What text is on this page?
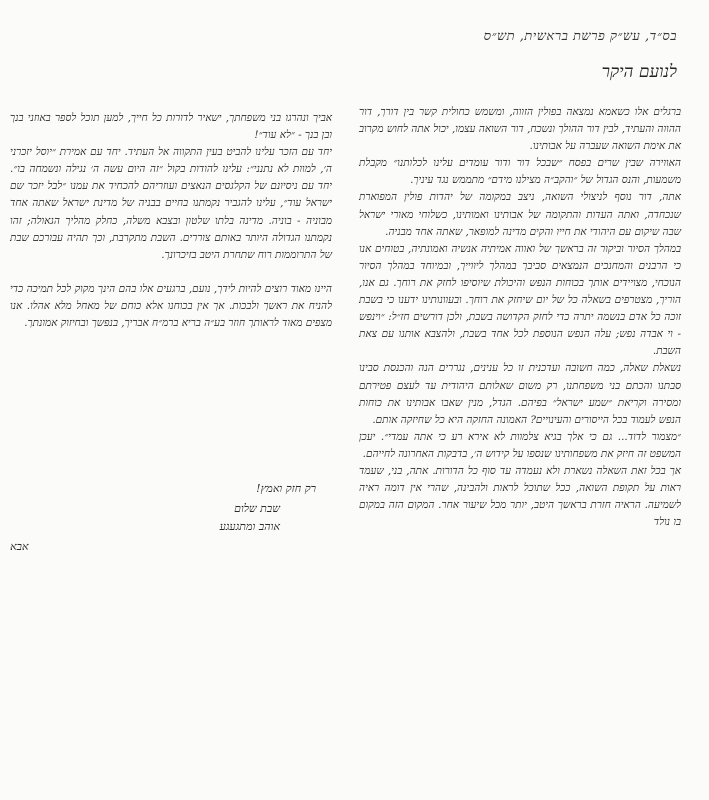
בס״ד, עש״ק פרשת בראשית, תש״ס
לנועם היקר

ברגלים אלו כשאמא נמצאה בפולין הזווה, ומשמש כחולית קשר בין דורך, דור ההווה והעתיד, לבין דור ההולך ונשכח, דור השואה עצמו, יכול אתה לחוש מקרוב את אימת השואה שעברה על אבותינו.

האווירה שבין שרים בפסח ״שבכל דור ודור עומדים עלינו לכלותנו״ מקבלת משמעות, והנס הגדול של ״והקב״ה מצילנו מידם״ מתממש נגד עיניך.

אתה, דור נוסף לניצולי השואה, ניצב במקומה של יהדות פולין המפוארת שנכחדה, ואתה העדות והתקומה של אבותינו ואמותינו, כשלוחי מאורי ישראל שבה שיקום עם היהודי את חייו והקים מדינה למופאר, שאתה אחד מבניה.

במהלך הסיור וביקור זה בראשך של ואווה אמיתיה אנשיה ואמונתיה, בטוחים אנו כי הרבנים והמחנכים הנמצאים סביבך במהלך ליווייך, ובמיוחד במהלך הסיור הנוכחי, מצויידים אותך בכוחות הנפש והיכולת שיוסיפו לחזק את רוחך. גם אנו, הוריך, מצטרפים בשאלה כל של יום שיחזק את רוחך. ובעוונותינו ידענו כי בשבת זוכה כל אדם בנשמה יתרה כדי לחזק הקדושה בשבת, ולכן דורשים חז״ל: ״וינפש - וי אבדה נפש; עלה הנפש הנוספת לכל אחד בשבת, ולהצבא אותנו עם צאת השבת.

נשאלת שאלה, כמה חשובה ועדכנית זו כל ענינים, נגררים הנה והכנסת סבינו סבתנו והכתם בני משפחתנו, רק משום שאלותם היהודית עד לעצם פטירתם ומסירה וקריאת ״שמע ישראל״ בפיהם. הגדל, מנין שאבו אבותינו את כוחות הנפש לעמוד בכל הייסורים והעינויים? האמונה החזקה היא כל שחיזקה אותם.

״מצמור לדוד... גם כי אלך בגיא צלמוות לא אירא רע כי אתה עמדי״. יעכן המשפט זה חיזק את משפחותינו שנספו על קידוש ה׳, בדבקות האחרונה לחייהם.

אך בכל זאת השאלה נשארת ולא נעמדה עד סוף כל הדורות. אתה, בני, שעמד ראות על תקופת השואה, ככל שתוכל לראות ולהבינה, שהרי אין דומה ראיה לשמיעה. הראיה חזרת בראשך היטב, יותר מכל שיעור אחר. המקום הזה במקום בו נולד

אביך ונהרגו בני משפחתך, ישאיר לדורות כל חייך, למען תוכל לספר באוזני בנך ובן בנך - ״לא עוד״!

יחד עם הזכר עלינו להביט בעין התקווה אל העתיד. יחד עם אמירת ״יוסל יזכרני ה׳, למוות לא נתנני״: עלינו להודות בקול ״זה היום עשה ה׳ נגילה ונשמחה בו״. יחד עם ניסיונם של הקלגסים הנאצים ועוזריהם להכחיד את עמנו ״לבל יזכר שם ישראל עוד״, עלינו להגביר נקמתנו בחיים בבניה של מדינת ישראל שאתה אחד מבוניה - בוניה. מדינה בלתו שלטון ובצבא משלה, כחלק מהליך הגאולה; זהו נקמתנו הגדולה היותר באותם צוררים. השבת מתקרבת, וכך תהיה עבורכם שבת של התרוממות רוח שתחרת היטב בזיכרונך.

היינו מאוד רוצים להיות לידך, נועם, ברגעים אלו בהם הינך מקוק לכל תמיכה כדי להניח את ראשך ולבכות. אך אין בכוחנו אלא כוחם של מאחל מלא אהלו. אנו מצפים מאוד לראותך חוזר בע״ה בריא ברמ״ח אבריך, בנפשך ובחיזוק אמונתך.

רק חזק ואמץ!
שבת שלום
אוהב ומתגעגע
אבא
